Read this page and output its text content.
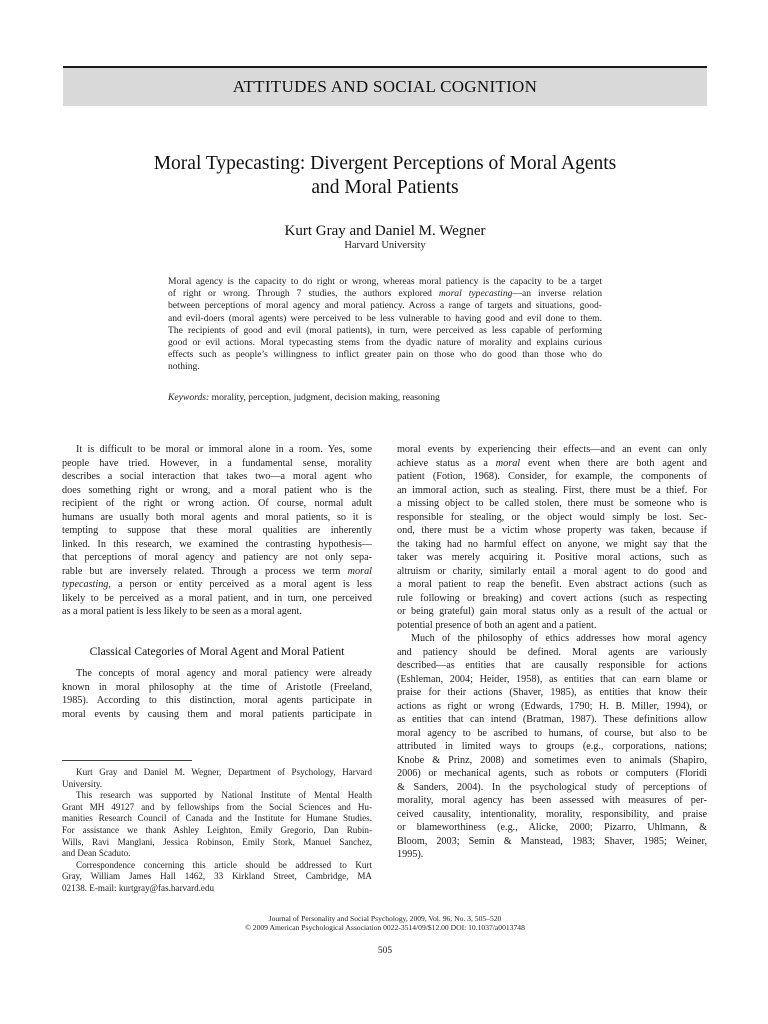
ATTITUDES AND SOCIAL COGNITION
Moral Typecasting: Divergent Perceptions of Moral Agents
and Moral Patients
Kurt Gray and Daniel M. Wegner
Harvard University
Moral agency is the capacity to do right or wrong, whereas moral patiency is the capacity to be a target
of right or wrong. Through 7 studies, the authors explored moral typecasting—an inverse relation
between perceptions of moral agency and moral patiency. Across a range of targets and situations, good-
and evil-doers (moral agents) were perceived to be less vulnerable to having good and evil done to them.
The recipients of good and evil (moral patients), in turn, were perceived as less capable of performing
good or evil actions. Moral typecasting stems from the dyadic nature of morality and explains curious
effects such as people’s willingness to inflict greater pain on those who do good than those who do
nothing.
Keywords: morality, perception, judgment, decision making, reasoning
It is difficult to be moral or immoral alone in a room. Yes, some
people have tried. However, in a fundamental sense, morality
describes a social interaction that takes two—a moral agent who
does something right or wrong, and a moral patient who is the
recipient of the right or wrong action. Of course, normal adult
humans are usually both moral agents and moral patients, so it is
tempting to suppose that these moral qualities are inherently
linked. In this research, we examined the contrasting hypothesis—
that perceptions of moral agency and patiency are not only sepa-
rable but are inversely related. Through a process we term moral
typecasting, a person or entity perceived as a moral agent is less
likely to be perceived as a moral patient, and in turn, one perceived
as a moral patient is less likely to be seen as a moral agent.
Classical Categories of Moral Agent and Moral Patient
The concepts of moral agency and moral patiency were already
known in moral philosophy at the time of Aristotle (Freeland,
1985). According to this distinction, moral agents participate in
moral events by causing them and moral patients participate in
Kurt Gray and Daniel M. Wegner, Department of Psychology, Harvard
University.
This research was supported by National Institute of Mental Health
Grant MH 49127 and by fellowships from the Social Sciences and Hu-
manities Research Council of Canada and the Institute for Humane Studies.
For assistance we thank Ashley Leighton, Emily Gregorio, Dan Rubin-
Wills, Ravi Manglani, Jessica Robinson, Emily Stork, Manuel Sanchez,
and Dean Scaduto.
Correspondence concerning this article should be addressed to Kurt
Gray, William James Hall 1462, 33 Kirkland Street, Cambridge, MA
02138. E-mail: kurtgray@fas.harvard.edu
moral events by experiencing their effects—and an event can only
achieve status as a moral event when there are both agent and
patient (Fotion, 1968). Consider, for example, the components of
an immoral action, such as stealing. First, there must be a thief. For
a missing object to be called stolen, there must be someone who is
responsible for stealing, or the object would simply be lost. Sec-
ond, there must be a victim whose property was taken, because if
the taking had no harmful effect on anyone, we might say that the
taker was merely acquiring it. Positive moral actions, such as
altruism or charity, similarly entail a moral agent to do good and
a moral patient to reap the benefit. Even abstract actions (such as
rule following or breaking) and covert actions (such as respecting
or being grateful) gain moral status only as a result of the actual or
potential presence of both an agent and a patient.
Much of the philosophy of ethics addresses how moral agency
and patiency should be defined. Moral agents are variously
described—as entities that are causally responsible for actions
(Eshleman, 2004; Heider, 1958), as entities that can earn blame or
praise for their actions (Shaver, 1985), as entities that know their
actions as right or wrong (Edwards, 1790; H. B. Miller, 1994), or
as entities that can intend (Bratman, 1987). These definitions allow
moral agency to be ascribed to humans, of course, but also to be
attributed in limited ways to groups (e.g., corporations, nations;
Knobe & Prinz, 2008) and sometimes even to animals (Shapiro,
2006) or mechanical agents, such as robots or computers (Floridi
& Sanders, 2004). In the psychological study of perceptions of
morality, moral agency has been assessed with measures of per-
ceived causality, intentionality, morality, responsibility, and praise
or blameworthiness (e.g., Alicke, 2000; Pizarro, Uhlmann, &
Bloom, 2003; Semin & Manstead, 1983; Shaver, 1985; Weiner,
1995).
Journal of Personality and Social Psychology, 2009, Vol. 96, No. 3, 505–520
© 2009 American Psychological Association 0022-3514/09/$12.00 DOI: 10.1037/a0013748
505
